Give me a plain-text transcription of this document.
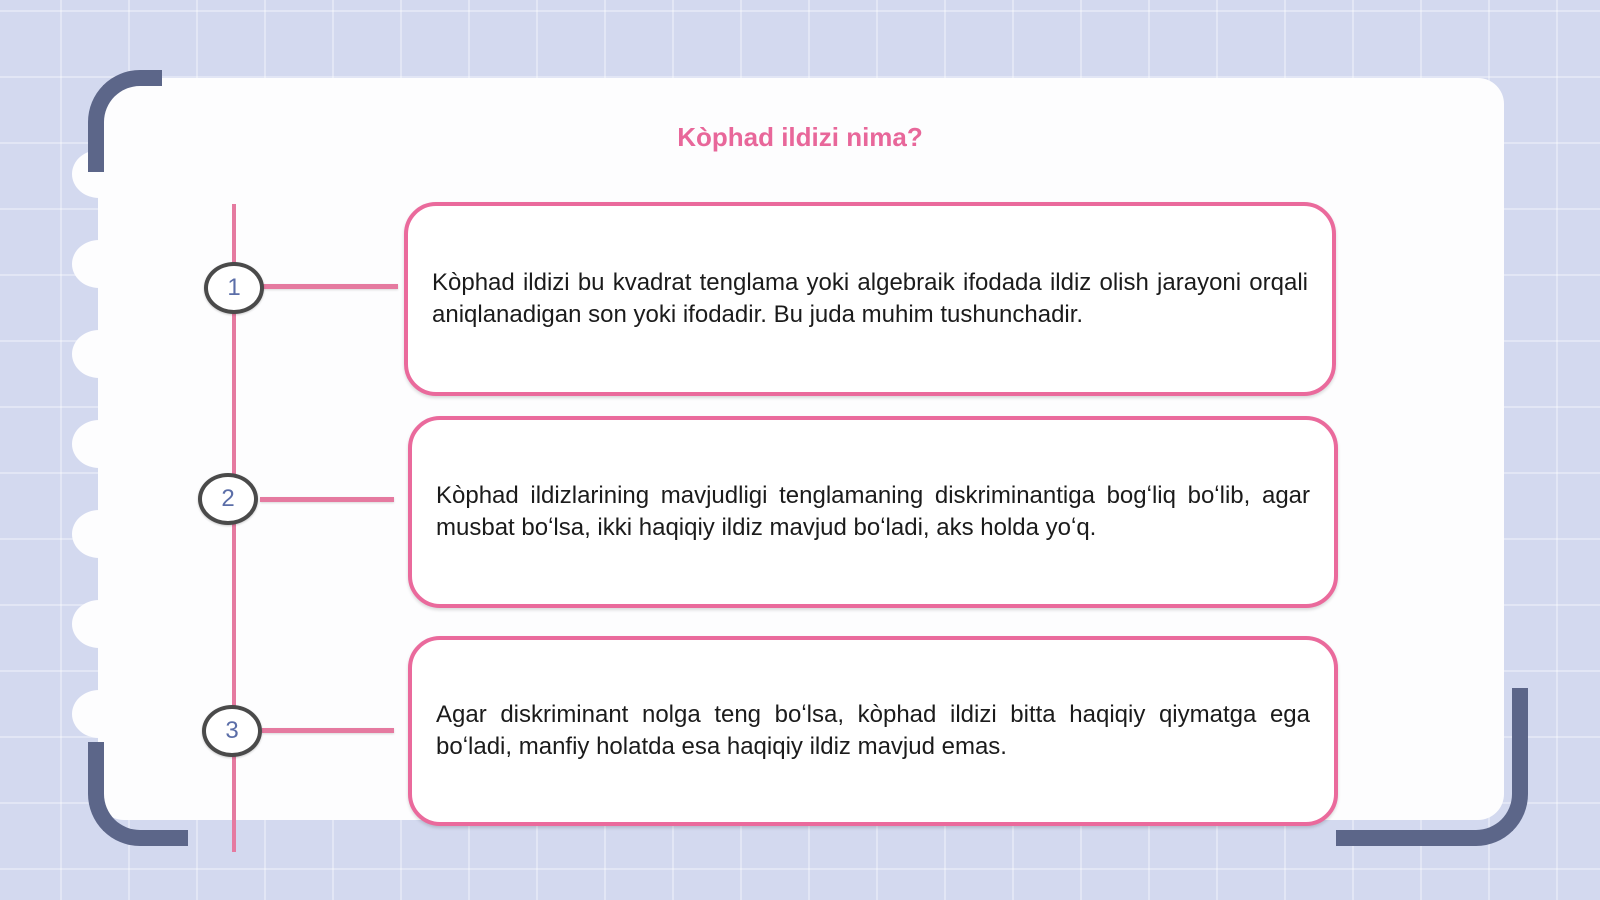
Kòphad ildizi nima?
1	Kòphad ildizi bu kvadrat tenglama yoki algebraik ifodada ildiz olish jarayoni orqali aniqlanadigan son yoki ifodadir. Bu juda muhim tushunchadir.

2	Kòphad ildizlarining mavjudligi tenglamaning diskriminantiga bogʻliq boʻlib, agar musbat boʻlsa, ikki haqiqiy ildiz mavjud boʻladi, aks holda yoʻq.

3

Agar diskriminant nolga teng boʻlsa, kòphad ildizi bitta haqiqiy qiymatga ega boʻladi, manfiy holatda esa haqiqiy ildiz mavjud emas.
